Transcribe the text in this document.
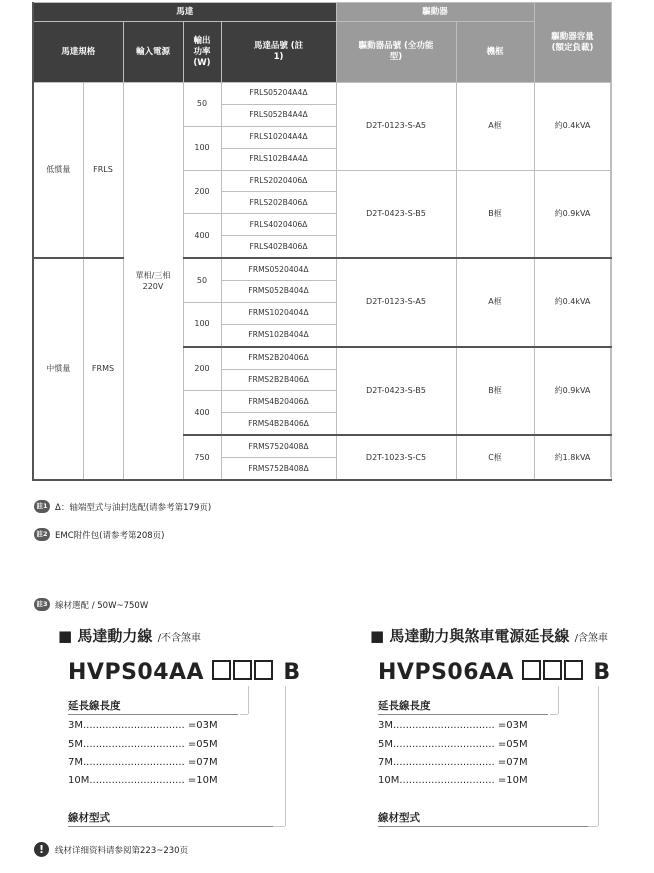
馬達					驅動器		驅動器容量 (額定負載)
馬達規格		輸入電源	輸出 功率 (W)	馬達品號 (註1)	驅動器品號 (全功能型)	機框	
低慣量	FRLS	單相/三相 220V	50	FRLS05204A4Δ	D2T-0123-S-A5	A框	約0.4kVA
				FRLS052B4A4Δ			
			100	FRLS10204A4Δ			
				FRLS102B4A4Δ			
			200	FRLS2020406Δ	D2T-0423-S-B5	B框	約0.9kVA
				FRLS202B406Δ			
			400	FRLS4020406Δ			
				FRLS402B406Δ			
中慣量	FRMS		50	FRMS0520404Δ	D2T-0123-S-A5	A框	約0.4kVA
				FRMS052B404Δ			
			100	FRMS1020404Δ			
				FRMS102B404Δ			
			200	FRMS2B20406Δ	D2T-0423-S-B5	B框	約0.9kVA
				FRMS2B2B406Δ			
			400	FRMS4B20406Δ			
				FRMS4B2B406Δ			
			750	FRMS7520408Δ	D2T-1023-S-C5	C框	約1.8kVA
				FRMS752B408Δ			
註1 Δ：轴端型式与油封选配(请参考第179页)
註2 EMC附件包(请参考第208页)
註3 線材選配 / 50W~750W
■ 馬達動力線 /不含煞車
HVPS04AA	B
延長線長度
3M................................ =03M
5M................................ =05M
7M................................ =07M
10M.............................. =10M
線材型式
■ 馬達動力與煞車電源延長線 /含煞車
HVPS06AA	B
延長線長度
3M................................ =03M
5M................................ =05M
7M................................ =07M
10M.............................. =10M
線材型式
!	线材详细资料请参阅第223~230页
